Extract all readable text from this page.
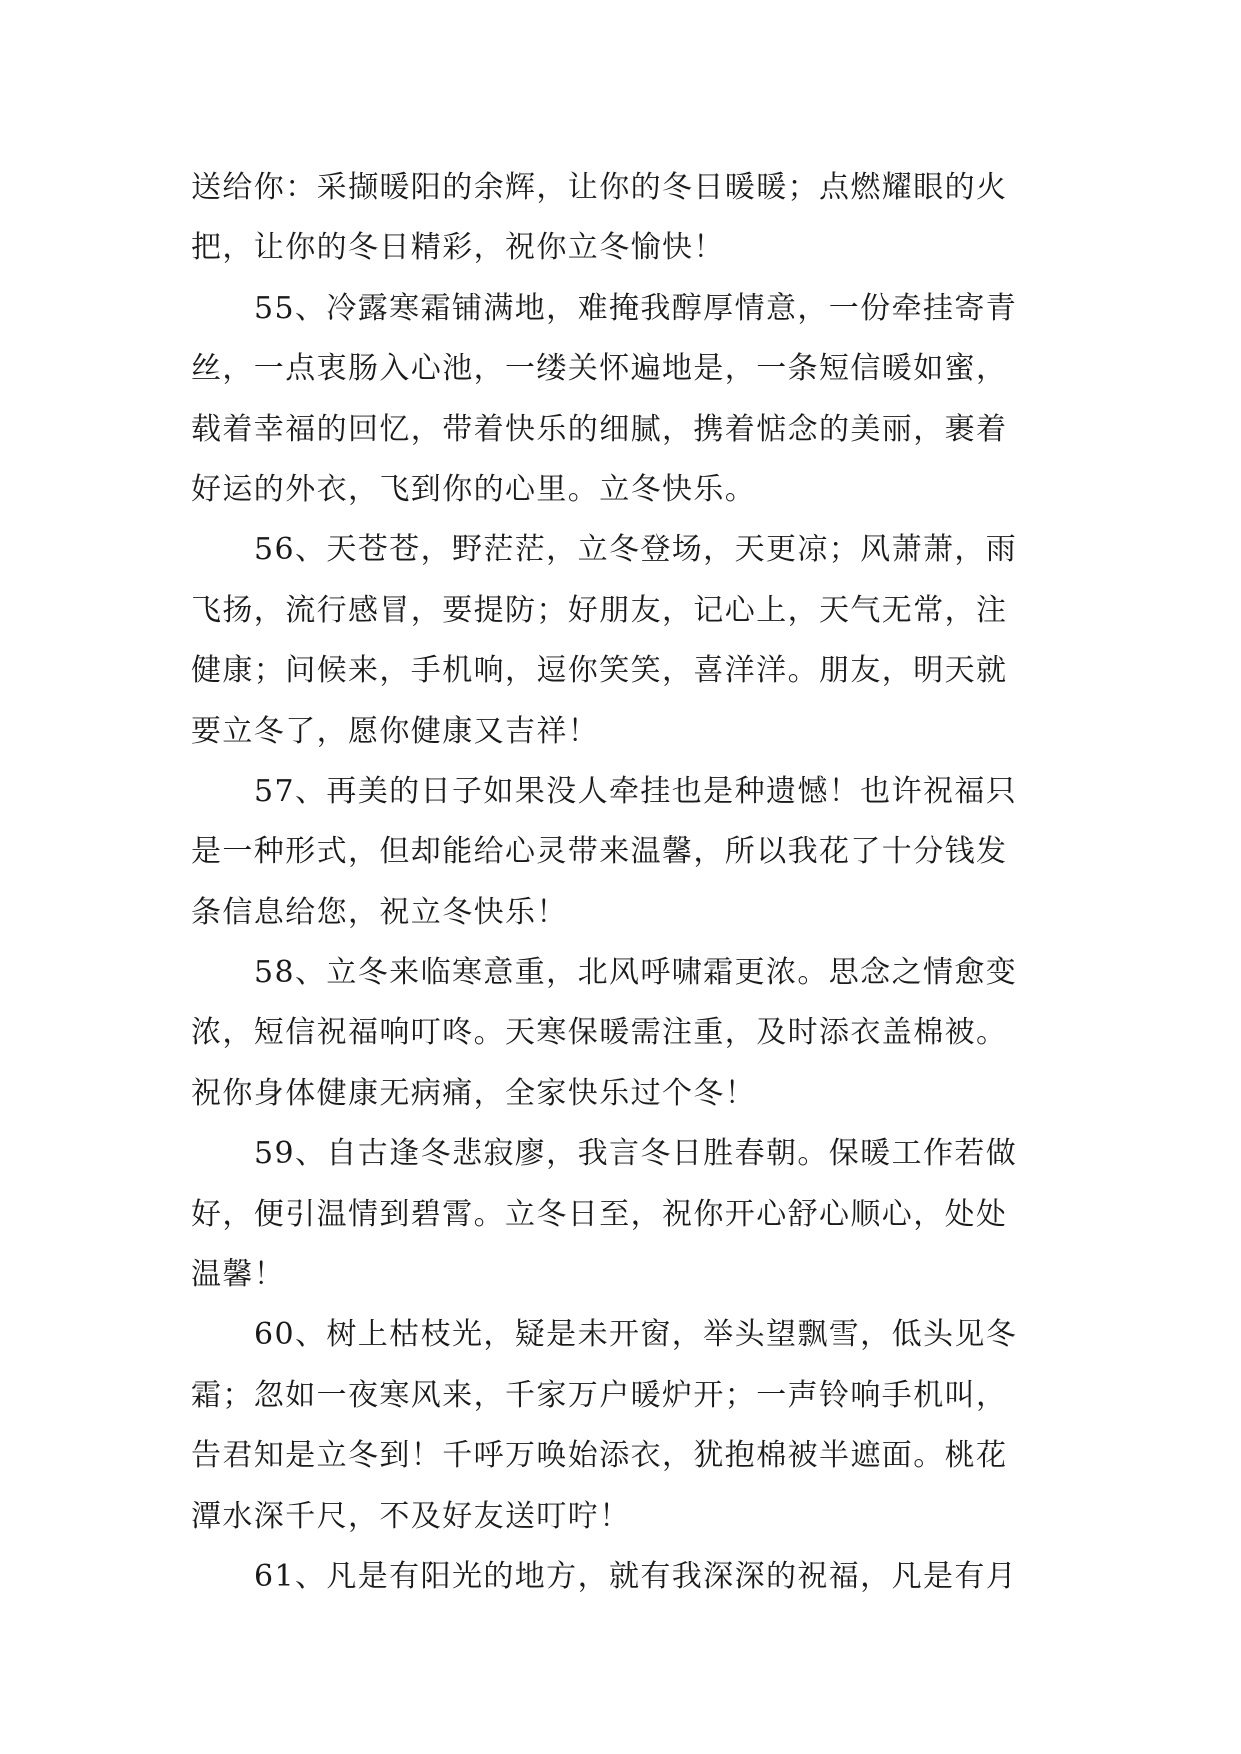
送给你：采撷暖阳的余辉，让你的冬日暖暖；点燃耀眼的火
把，让你的冬日精彩，祝你立冬愉快！
55、冷露寒霜铺满地，难掩我醇厚情意，一份牵挂寄青
丝，一点衷肠入心池，一缕关怀遍地是，一条短信暖如蜜，
载着幸福的回忆，带着快乐的细腻，携着惦念的美丽，裹着
好运的外衣，飞到你的心里。立冬快乐。
56、天苍苍，野茫茫，立冬登场，天更凉；风萧萧，雨
飞扬，流行感冒，要提防；好朋友，记心上，天气无常，注
健康；问候来，手机响，逗你笑笑，喜洋洋。朋友，明天就
要立冬了，愿你健康又吉祥！
57、再美的日子如果没人牵挂也是种遗憾！也许祝福只
是一种形式，但却能给心灵带来温馨，所以我花了十分钱发
条信息给您，祝立冬快乐！
58、立冬来临寒意重，北风呼啸霜更浓。思念之情愈变
浓，短信祝福响叮咚。天寒保暖需注重，及时添衣盖棉被。
祝你身体健康无病痛，全家快乐过个冬！
59、自古逢冬悲寂廖，我言冬日胜春朝。保暖工作若做
好，便引温情到碧霄。立冬日至，祝你开心舒心顺心，处处
温馨！
60、树上枯枝光，疑是未开窗，举头望飘雪，低头见冬
霜；忽如一夜寒风来，千家万户暖炉开；一声铃响手机叫，
告君知是立冬到！千呼万唤始添衣，犹抱棉被半遮面。桃花
潭水深千尺，不及好友送叮咛！
61、凡是有阳光的地方，就有我深深的祝福，凡是有月
